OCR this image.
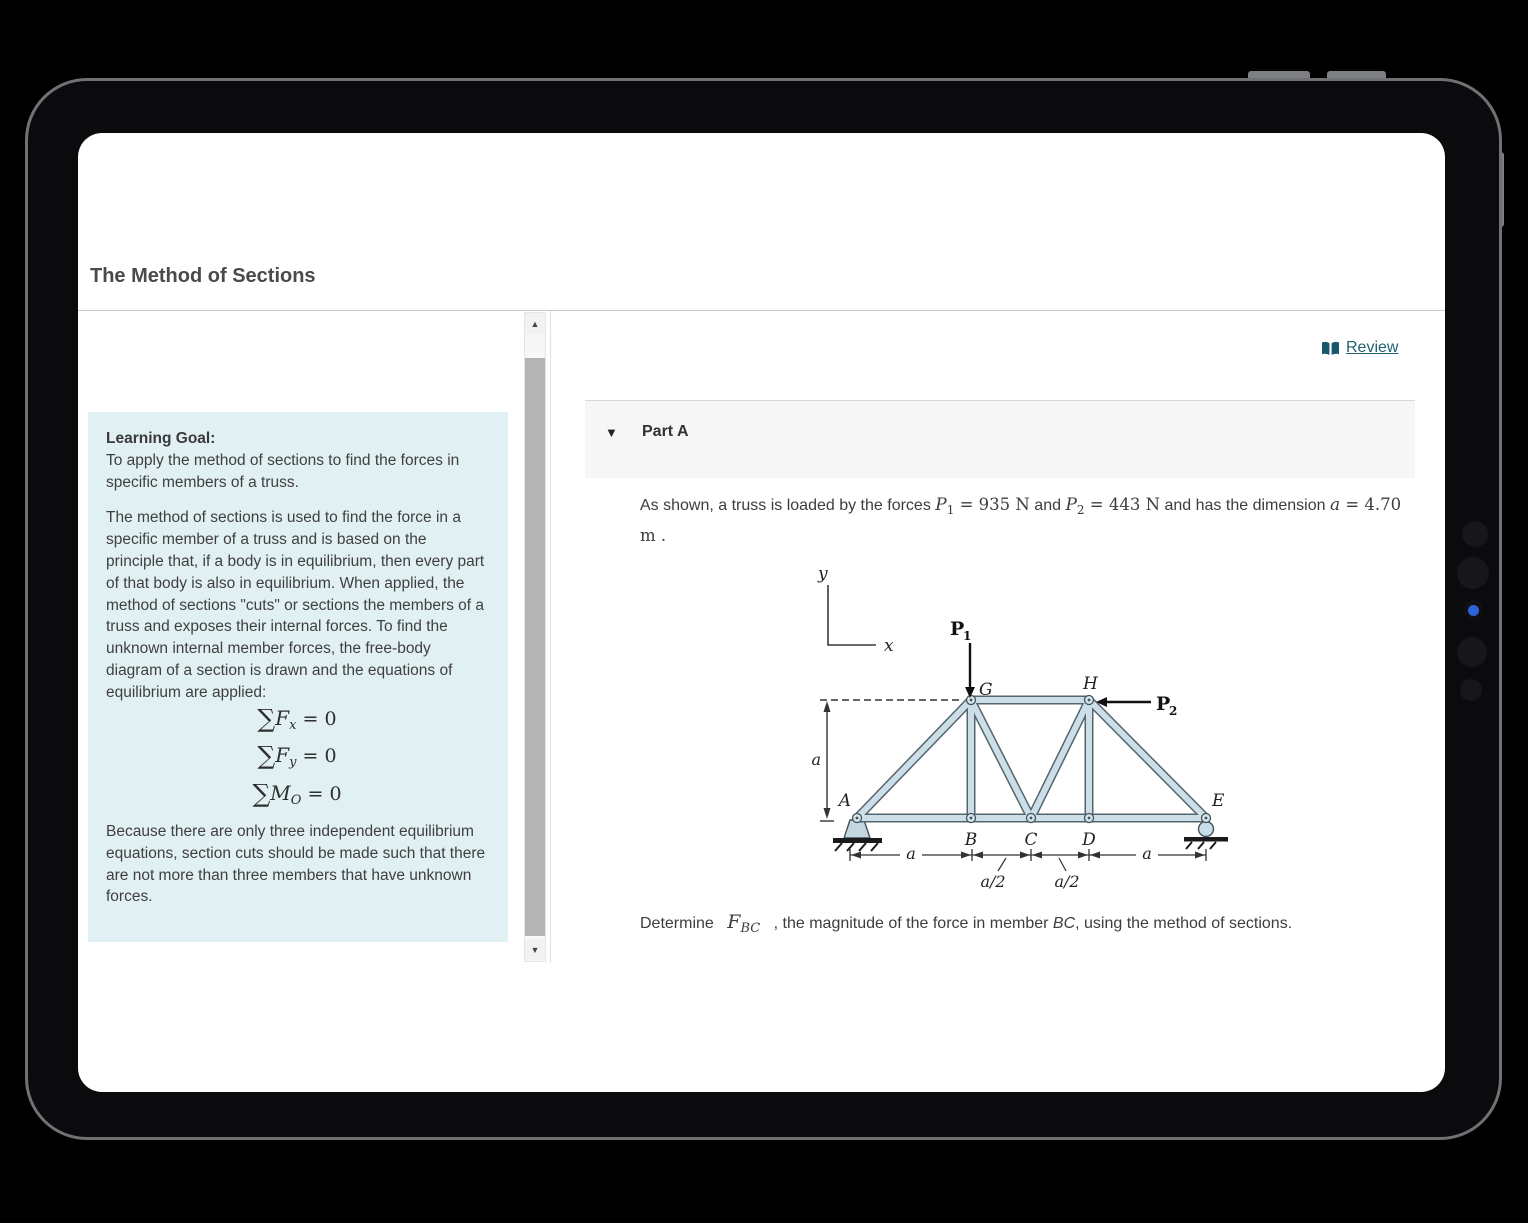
The Method of Sections
Learning Goal:

To apply the method of sections to find the forces in specific members of a truss.

The method of sections is used to find the force in a specific member of a truss and is based on the principle that, if a body is in equilibrium, then every part of that body is also in equilibrium. When applied, the method of sections "cuts" or sections the members of a truss and exposes their internal forces. To find the unknown internal member forces, the free-body diagram of a section is drawn and the equations of equilibrium are applied:

$\sum F_x = 0$
$\sum F_y = 0$
$\sum M_O = 0$

Because there are only three independent equilibrium equations, section cuts should be made such that there are not more than three members that have unknown forces.

▲
▼
Review
▼ Part A
As shown, a truss is loaded by the forces $P_1 = 935$ N and $P_2 = 443$ N and has the dimension a = 4.70 m .
a
a	a
a/2	a/2
y
x
P
1
P
2
A
B	C	D
E
G	H
Determine $F_{BC}$ , the magnitude of the force in member BC, using the method of sections.
